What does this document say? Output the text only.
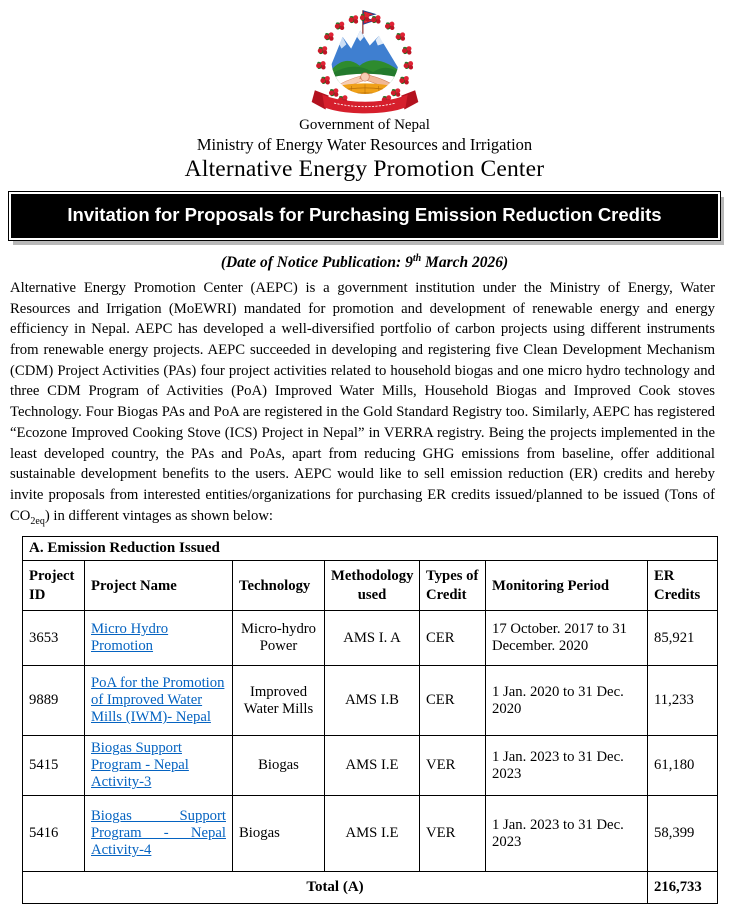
Government of Nepal
Ministry of Energy Water Resources and Irrigation
Alternative Energy Promotion Center
Invitation for Proposals for Purchasing Emission Reduction Credits
(Date of Notice Publication: 9th March 2026)

Alternative Energy Promotion Center (AEPC) is a government institution under the Ministry of Energy, Water Resources and Irrigation (MoEWRI) mandated for promotion and development of renewable energy and energy efficiency in Nepal. AEPC has developed a well-diversified portfolio of carbon projects using different instruments from renewable energy projects. AEPC succeeded in developing and registering five Clean Development Mechanism (CDM) Project Activities (PAs) four project activities related to household biogas and one micro hydro technology and three CDM Program of Activities (PoA) Improved Water Mills, Household Biogas and Improved Cook stoves Technology. Four Biogas PAs and PoA are registered in the Gold Standard Registry too. Similarly, AEPC has registered “Ecozone Improved Cooking Stove (ICS) Project in Nepal” in VERRA registry. Being the projects implemented in the least developed country, the PAs and PoAs, apart from reducing GHG emissions from baseline, offer additional sustainable development benefits to the users. AEPC would like to sell emission reduction (ER) credits and hereby invite proposals from interested entities/organizations for purchasing ER credits issued/planned to be issued (Tons of $CO_{2eq}$) in different vintages as shown below:

A. Emission Reduction Issued						
Project ID	Project Name	Technology	Methodology used	Types of Credit	Monitoring Period	ER Credits
3653	Micro Hydro Promotion	Micro-hydro Power	AMS I. A	CER	17 October. 2017 to 31 December. 2020	85,921
9889	PoA for the Promotion of Improved Water Mills (IWM)- Nepal	Improved Water Mills	AMS I.B	CER	1 Jan. 2020 to 31 Dec. 2020	11,233
5415	Biogas Support Program - Nepal Activity-3	Biogas	AMS I.E	VER	1 Jan. 2023 to 31 Dec. 2023	61,180
5416	Biogas Support Program - Nepal Activity-4	Biogas	AMS I.E	VER	1 Jan. 2023 to 31 Dec. 2023	58,399
Total (A)						216,733
